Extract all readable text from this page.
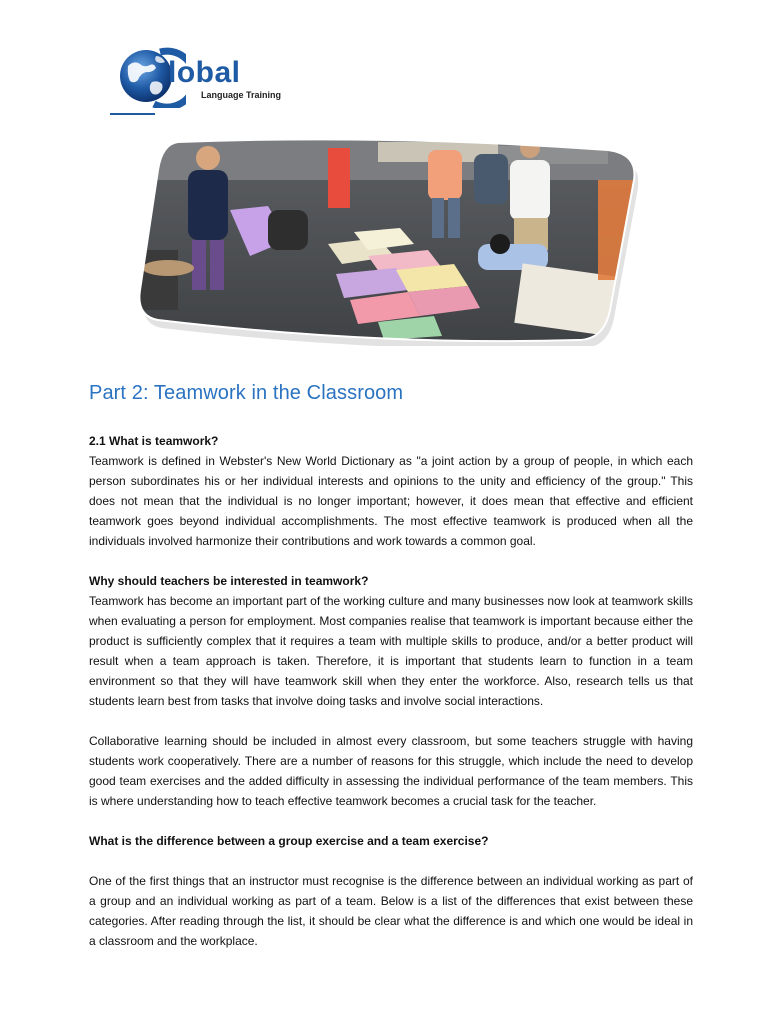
lobal
Language Training
Part 2: Teamwork in the Classroom

2.1 What is teamwork?

Teamwork is defined in Webster's New World Dictionary as "a joint action by a group of people, in which each person subordinates his or her individual interests and opinions to the unity and efficiency of the group." This does not mean that the individual is no longer important; however, it does mean that effective and efficient teamwork goes beyond individual accomplishments. The most effective teamwork is produced when all the individuals involved harmonize their contributions and work towards a common goal.

Why should teachers be interested in teamwork?

Teamwork has become an important part of the working culture and many businesses now look at teamwork skills when evaluating a person for employment. Most companies realise that teamwork is important because either the product is sufficiently complex that it requires a team with multiple skills to produce, and/or a better product will result when a team approach is taken. Therefore, it is important that students learn to function in a team environment so that they will have teamwork skill when they enter the workforce. Also, research tells us that students learn best from tasks that involve doing tasks and involve social interactions.

Collaborative learning should be included in almost every classroom, but some teachers struggle with having students work cooperatively. There are a number of reasons for this struggle, which include the need to develop good team exercises and the added difficulty in assessing the individual performance of the team members. This is where understanding how to teach effective teamwork becomes a crucial task for the teacher.

What is the difference between a group exercise and a team exercise?

One of the first things that an instructor must recognise is the difference between an individual working as part of a group and an individual working as part of a team. Below is a list of the differences that exist between these categories. After reading through the list, it should be clear what the difference is and which one would be ideal in a classroom and the workplace.
